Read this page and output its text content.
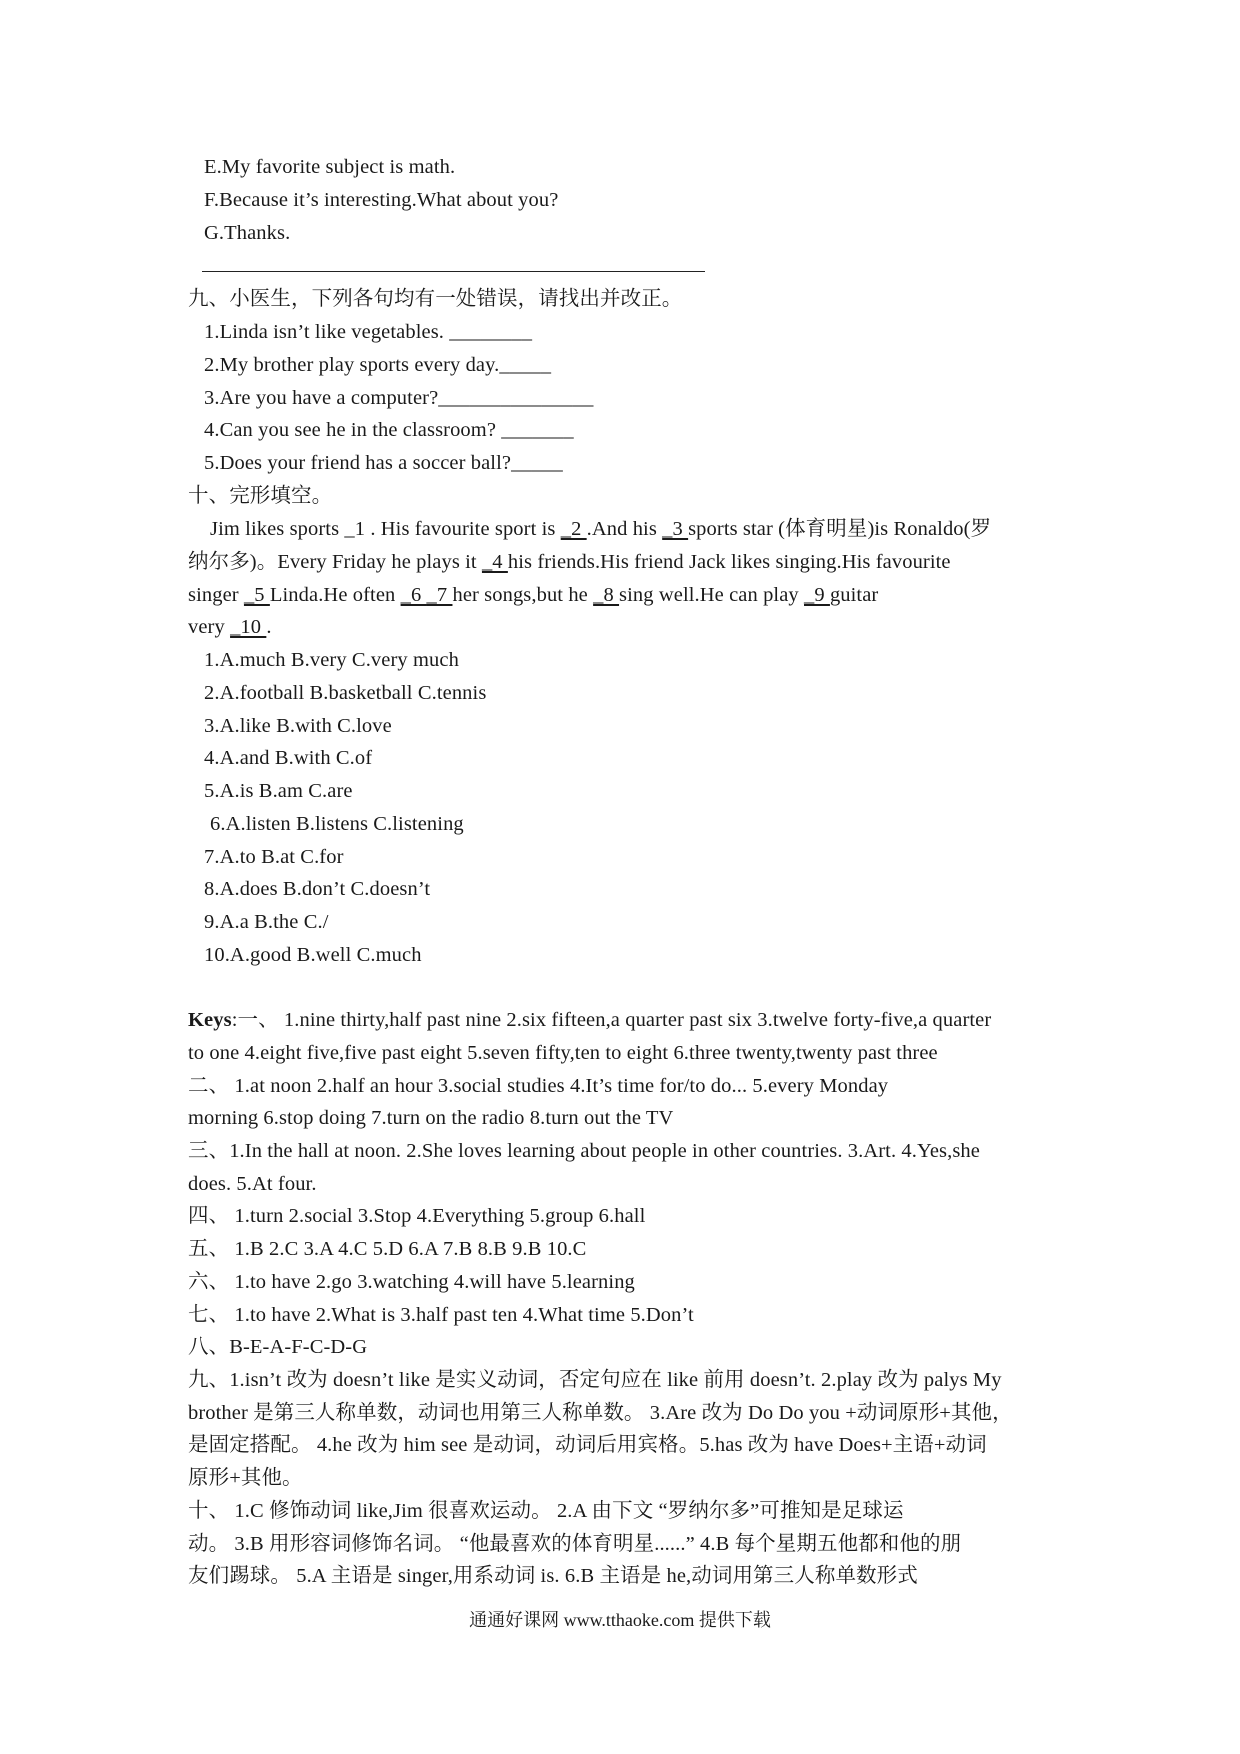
E.My favorite subject is math.
F.Because it’s interesting.What about you?
G.Thanks.
九、小医生，下列各句均有一处错误，请找出并改正。
1.Linda isn’t like vegetables. ________
2.My brother play sports every day._____
3.Are you have a computer?_______________
4.Can you see he in the classroom? _______
5.Does your friend has a soccer ball?_____
十、完形填空。
Jim likes sports _1 . His favourite sport is _2 .And his _3 sports star (体育明星)is Ronaldo(罗
纳尔多)。Every Friday he plays it _4 his friends.His friend Jack likes singing.His favourite
singer _5 Linda.He often _6 _7 her songs,but he _8 sing well.He can play _9 guitar
very _10 .
1.A.much B.very C.very much
2.A.football B.basketball C.tennis
3.A.like B.with C.love
4.A.and B.with C.of
5.A.is B.am C.are
6.A.listen B.listens C.listening
7.A.to B.at C.for
8.A.does B.don’t C.doesn’t
9.A.a B.the C./
10.A.good B.well C.much
Keys:一、 1.nine thirty,half past nine 2.six fifteen,a quarter past six 3.twelve forty-five,a quarter
to one 4.eight five,five past eight 5.seven fifty,ten to eight 6.three twenty,twenty past three
二、 1.at noon 2.half an hour 3.social studies 4.It’s time for/to do... 5.every Monday
morning 6.stop doing 7.turn on the radio 8.turn out the TV
三、1.In the hall at noon. 2.She loves learning about people in other countries. 3.Art. 4.Yes,she
does. 5.At four.
四、 1.turn 2.social 3.Stop 4.Everything 5.group 6.hall
五、 1.B 2.C 3.A 4.C 5.D 6.A 7.B 8.B 9.B 10.C
六、 1.to have 2.go 3.watching 4.will have 5.learning
七、 1.to have 2.What is 3.half past ten 4.What time 5.Don’t
八、B-E-A-F-C-D-G
九、1.isn’t 改为 doesn’t like 是实义动词，否定句应在 like 前用 doesn’t. 2.play 改为 palys My
brother 是第三人称单数，动词也用第三人称单数。 3.Are 改为 Do Do you +动词原形+其他，
是固定搭配。 4.he 改为 him see 是动词，动词后用宾格。5.has 改为 have Does+主语+动词
原形+其他。
十、 1.C 修饰动词 like,Jim 很喜欢运动。 2.A 由下文 “罗纳尔多”可推知是足球运
动。 3.B 用形容词修饰名词。 “他最喜欢的体育明星......” 4.B 每个星期五他都和他的朋
友们踢球。 5.A 主语是 singer,用系动词 is. 6.B 主语是 he,动词用第三人称单数形式
通通好课网 www.tthaoke.com 提供下载
